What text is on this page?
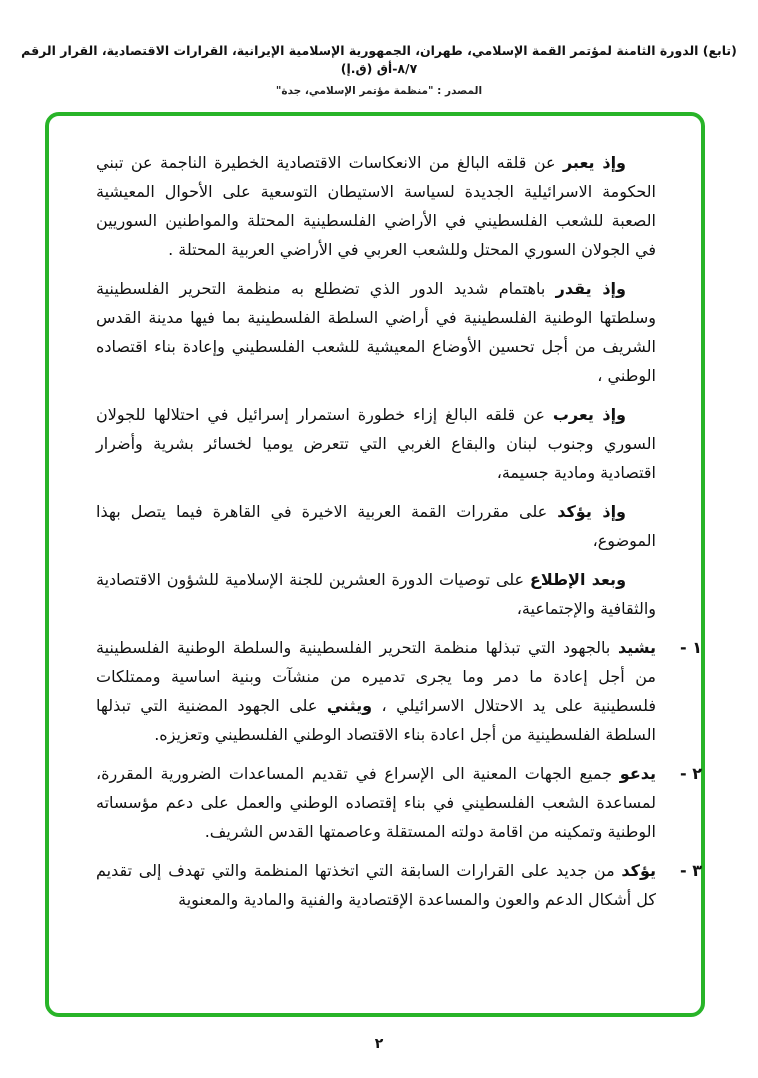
(تابع) الدورة الثامنة لمؤتمر القمة الإسلامي، طهران، الجمهورية الإسلامية الإيرانية، القرارات الاقتصادية، القرار الرقم ٨/٧-أق (ق.إ)
المصدر : "منظمة مؤتمر الإسلامي، جدة"

وإذ يعبر عن قلقه البالغ من الانعكاسات الاقتصادية الخطيرة الناجمة عن تبني الحكومة الاسرائيلية الجديدة لسياسة الاستيطان التوسعية على الأحوال المعيشية الصعبة للشعب الفلسطيني في الأراضي الفلسطينية المحتلة والمواطنين السوريين في الجولان السوري المحتل وللشعب العربي في الأراضي العربية المحتلة .

وإذ يقدر باهتمام شديد الدور الذي تضطلع به منظمة التحرير الفلسطينية وسلطتها الوطنية الفلسطينية في أراضي السلطة الفلسطينية بما فيها مدينة القدس الشريف من أجل تحسين الأوضاع المعيشية للشعب الفلسطيني وإعادة بناء اقتصاده الوطني ،

وإذ يعرب عن قلقه البالغ إزاء خطورة استمرار إسرائيل في احتلالها للجولان السوري وجنوب لبنان والبقاع الغربي التي تتعرض يوميا لخسائر بشرية وأضرار اقتصادية ومادية جسيمة،

وإذ يؤكد على مقررات القمة العربية الاخيرة في القاهرة فيما يتصل بهذا الموضوع،

وبعد الإطلاع على توصيات الدورة العشرين للجنة الإسلامية للشؤون الاقتصادية والثقافية والإجتماعية،

١ -
يشيد بالجهود التي تبذلها منظمة التحرير الفلسطينية والسلطة الوطنية الفلسطينية من أجل إعادة ما دمر وما يجرى تدميره من منشآت وبنية اساسية وممتلكات فلسطينية على يد الاحتلال الاسرائيلي ، ويثني على الجهود المضنية التي تبذلها السلطة الفلسطينية من أجل اعادة بناء الاقتصاد الوطني الفلسطيني وتعزيزه.

٢ -
يدعو جميع الجهات المعنية الى الإسراع في تقديم المساعدات الضرورية المقررة، لمساعدة الشعب الفلسطيني في بناء إقتصاده الوطني والعمل على دعم مؤسساته الوطنية وتمكينه من اقامة دولته المستقلة وعاصمتها القدس الشريف.

٣ -
يؤكد من جديد على القرارات السابقة التي اتخذتها المنظمة والتي تهدف إلى تقديم كل أشكال الدعم والعون والمساعدة الإقتصادية والفنية والمادية والمعنوية

٢
